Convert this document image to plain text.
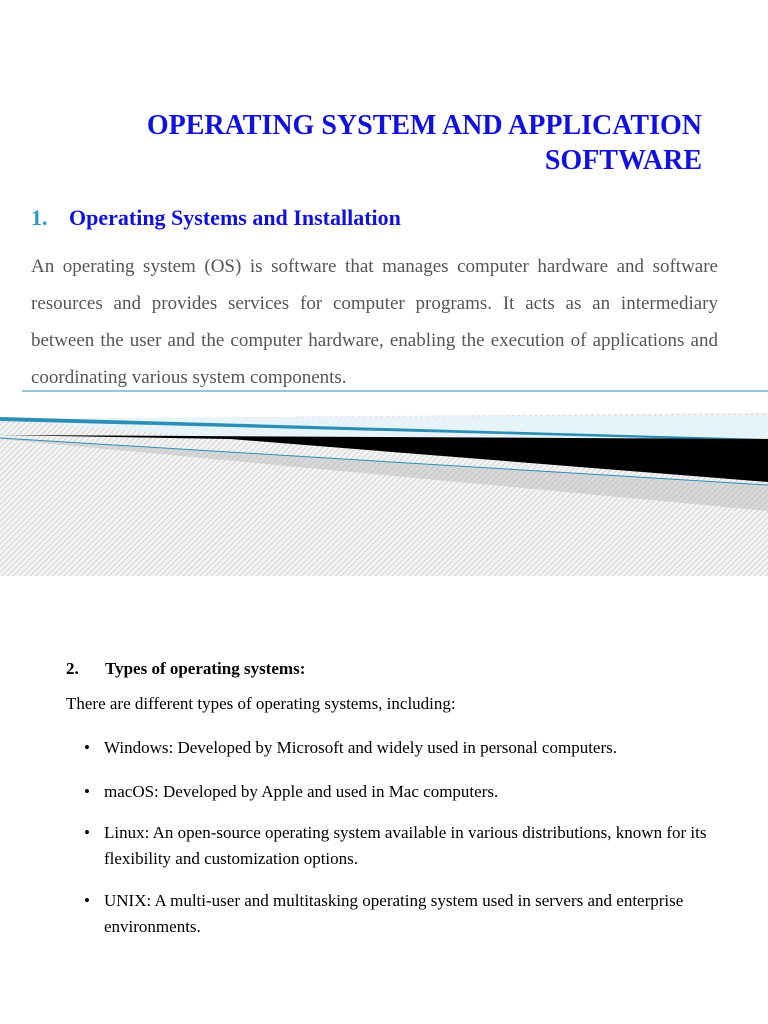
OPERATING SYSTEM AND APPLICATION
SOFTWARE
1. Operating Systems and Installation

An operating system (OS) is software that manages computer hardware and software resources and provides services for computer programs. It acts as an intermediary between the user and the computer hardware, enabling the execution of applications and coordinating various system components.

2. Types of operating systems:

There are different types of operating systems, including:

• Windows: Developed by Microsoft and widely used in personal computers.
• macOS: Developed by Apple and used in Mac computers.
• Linux: An open-source operating system available in various distributions, known for its flexibility and customization options.
• UNIX: A multi-user and multitasking operating system used in servers and enterprise environments.
